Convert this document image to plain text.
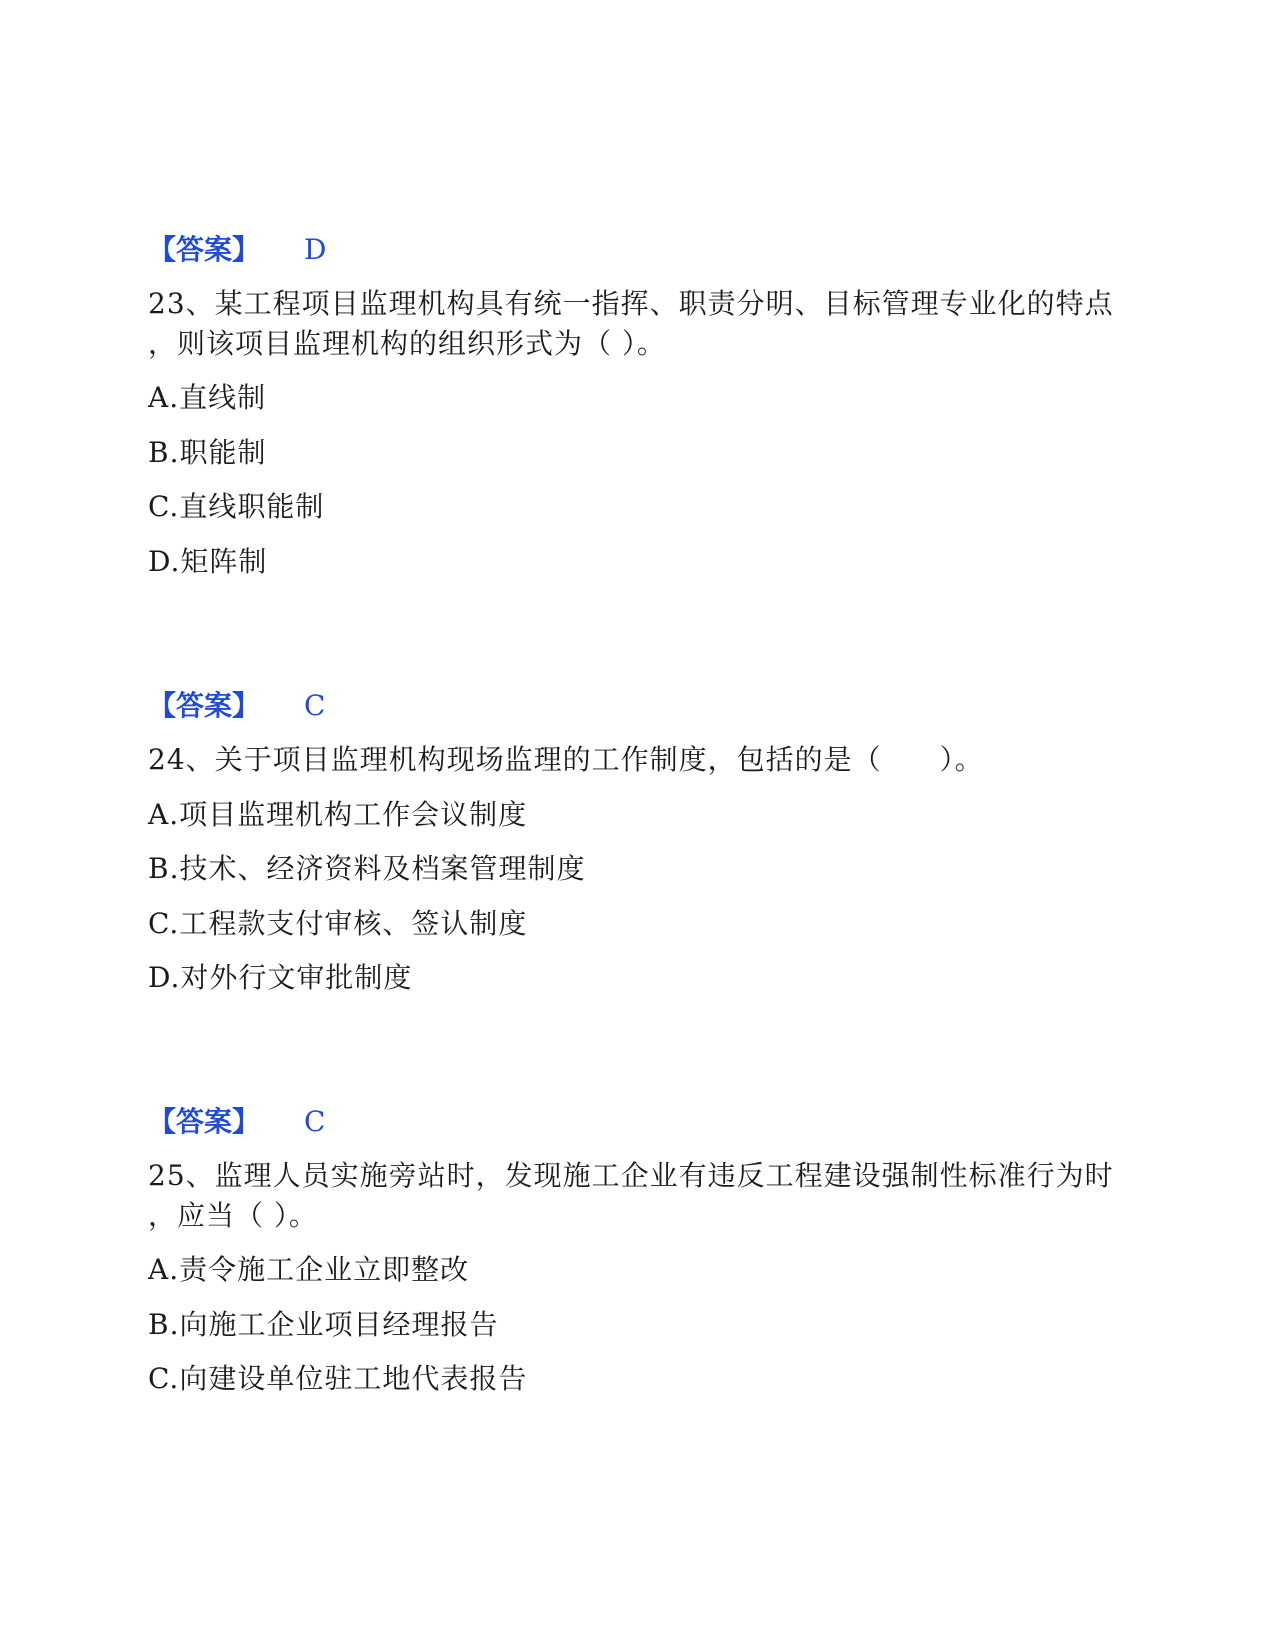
【答案】 D
23、某工程项目监理机构具有统一指挥、职责分明、目标管理专业化的特点
，则该项目监理机构的组织形式为（ ）。
A.直线制
B.职能制
C.直线职能制
D.矩阵制
【答案】 C
24、关于项目监理机构现场监理的工作制度，包括的是（　　）。
A.项目监理机构工作会议制度
B.技术、经济资料及档案管理制度
C.工程款支付审核、签认制度
D.对外行文审批制度
【答案】 C
25、监理人员实施旁站时，发现施工企业有违反工程建设强制性标准行为时
，应当（ ）。
A.责令施工企业立即整改
B.向施工企业项目经理报告
C.向建设单位驻工地代表报告
